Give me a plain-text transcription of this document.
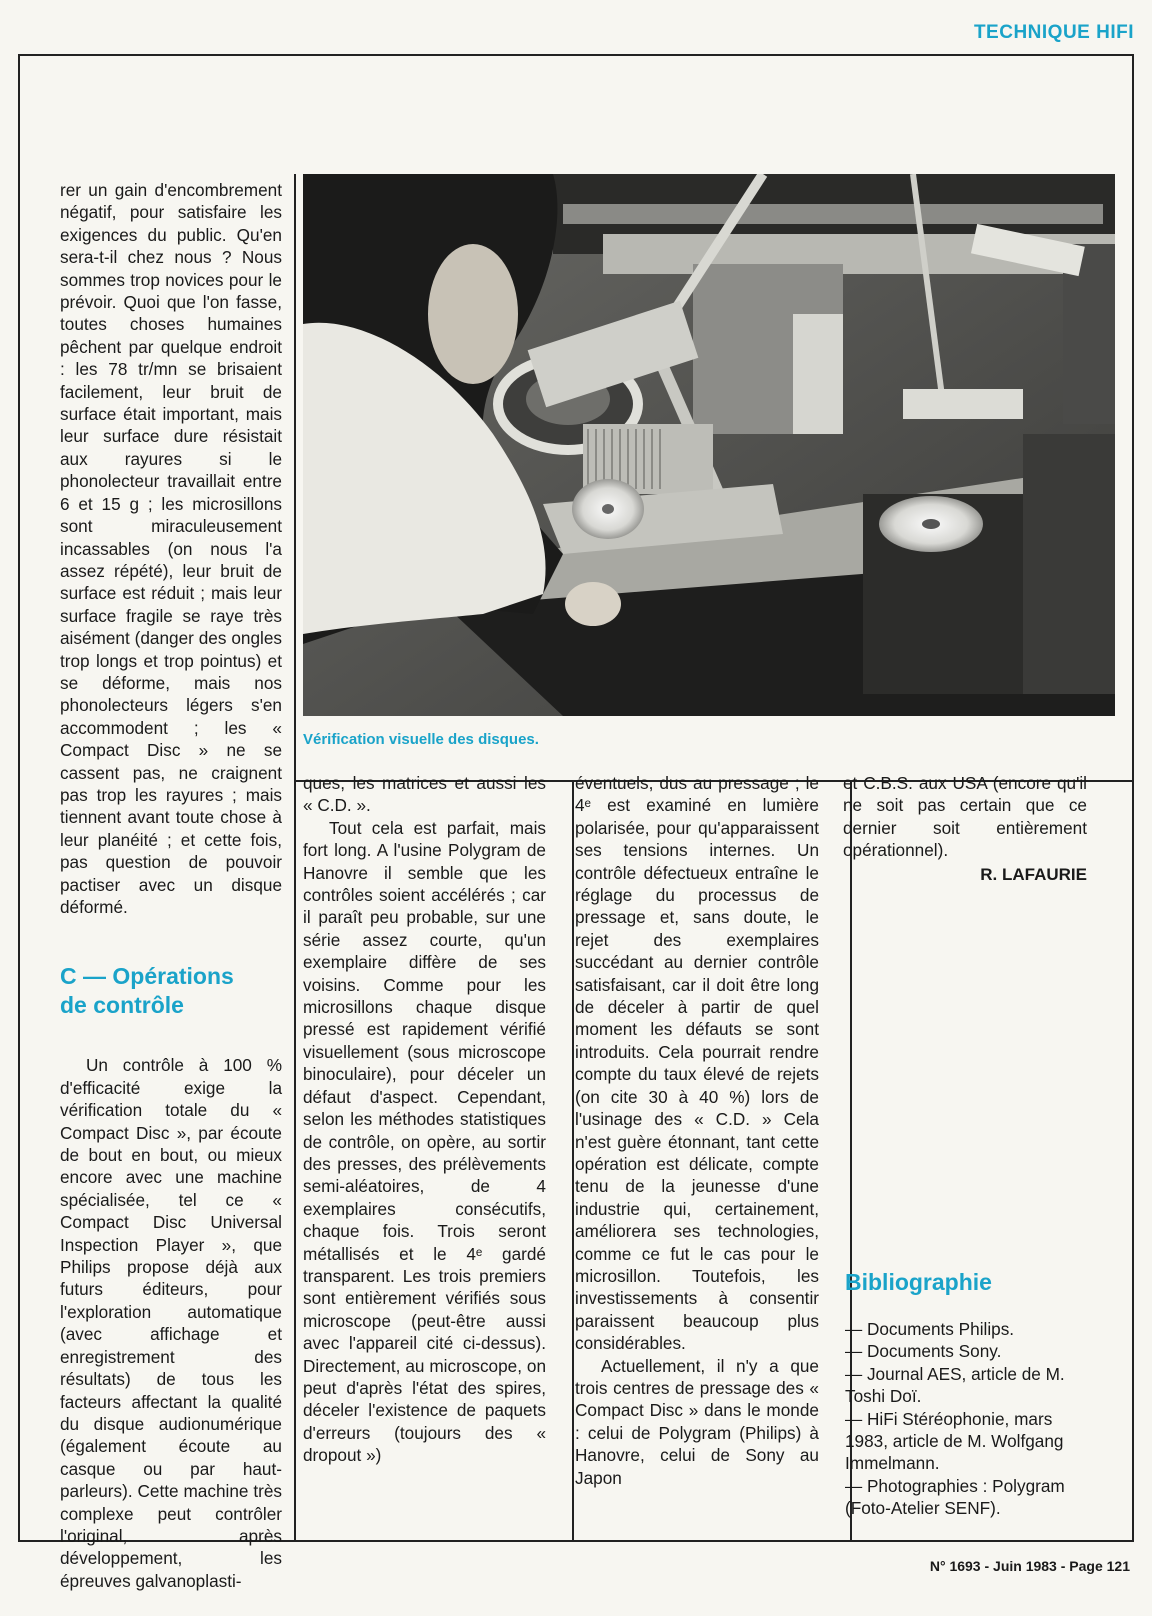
TECHNIQUE HIFI

rer un gain d'encombrement négatif, pour satisfaire les exigences du public. Qu'en sera-t-il chez nous ? Nous sommes trop novices pour le prévoir. Quoi que l'on fasse, toutes choses humaines pêchent par quelque endroit : les 78 tr/mn se brisaient facilement, leur bruit de surface était important, mais leur surface dure résistait aux rayures si le phonolecteur travaillait entre 6 et 15 g ; les microsillons sont miraculeusement incassables (on nous l'a assez répété), leur bruit de surface est réduit ; mais leur surface fragile se raye très aisément (danger des ongles trop longs et trop pointus) et se déforme, mais nos phonolecteurs légers s'en accommodent ; les « Compact Disc » ne se cassent pas, ne craignent pas trop les rayures ; mais tiennent avant toute chose à leur planéité ; et cette fois, pas question de pouvoir pactiser avec un disque déformé.

C — Opérations
de contrôle

Un contrôle à 100 % d'efficacité exige la vérification totale du « Compact Disc », par écoute de bout en bout, ou mieux encore avec une machine spécialisée, tel ce « Compact Disc Universal Inspection Player », que Philips propose déjà aux futurs éditeurs, pour l'exploration automatique (avec affichage et enregistrement des résultats) de tous les facteurs affectant la qualité du disque audionumérique (également écoute au casque ou par haut-parleurs). Cette machine très complexe peut contrôler l'original, après développement, les épreuves galvanoplasti-

Vérification visuelle des disques.

ques, les matrices et aussi les « C.D. ».

Tout cela est parfait, mais fort long. A l'usine Polygram de Hanovre il semble que les contrôles soient accélérés ; car il paraît peu probable, sur une série assez courte, qu'un exemplaire diffère de ses voisins. Comme pour les microsillons chaque disque pressé est rapidement vérifié visuellement (sous microscope binoculaire), pour déceler un défaut d'aspect. Cependant, selon les méthodes statistiques de contrôle, on opère, au sortir des presses, des prélèvements semi-aléatoires, de 4 exemplaires consécutifs, chaque fois. Trois seront métallisés et le 4ᵉ gardé transparent. Les trois premiers sont entièrement vérifiés sous microscope (peut-être aussi avec l'appareil cité ci-dessus). Directement, au microscope, on peut d'après l'état des spires, déceler l'existence de paquets d'erreurs (toujours des « dropout »)

éventuels, dus au pressage ; le 4ᵉ est examiné en lumière polarisée, pour qu'apparaissent ses tensions internes. Un contrôle défectueux entraîne le réglage du processus de pressage et, sans doute, le rejet des exemplaires succédant au dernier contrôle satisfaisant, car il doit être long de déceler à partir de quel moment les défauts se sont introduits. Cela pourrait rendre compte du taux élevé de rejets (on cite 30 à 40 %) lors de l'usinage des « C.D. » Cela n'est guère étonnant, tant cette opération est délicate, compte tenu de la jeunesse d'une industrie qui, certainement, améliorera ses technologies, comme ce fut le cas pour le microsillon. Toutefois, les investissements à consentir paraissent beaucoup plus considérables.

Actuellement, il n'y a que trois centres de pressage des « Compact Disc » dans le monde : celui de Polygram (Philips) à Hanovre, celui de Sony au Japon

et C.B.S. aux USA (encore qu'il ne soit pas certain que ce dernier soit entièrement opérationnel).

R. LAFAURIE
Bibliographie

— Documents Philips.

— Documents Sony.

— Journal AES, article de M. Toshi Doï.

— HiFi Stéréophonie, mars 1983, article de M. Wolfgang Immelmann.

— Photographies : Polygram (Foto-Atelier SENF).

N° 1693 - Juin 1983 - Page 121
